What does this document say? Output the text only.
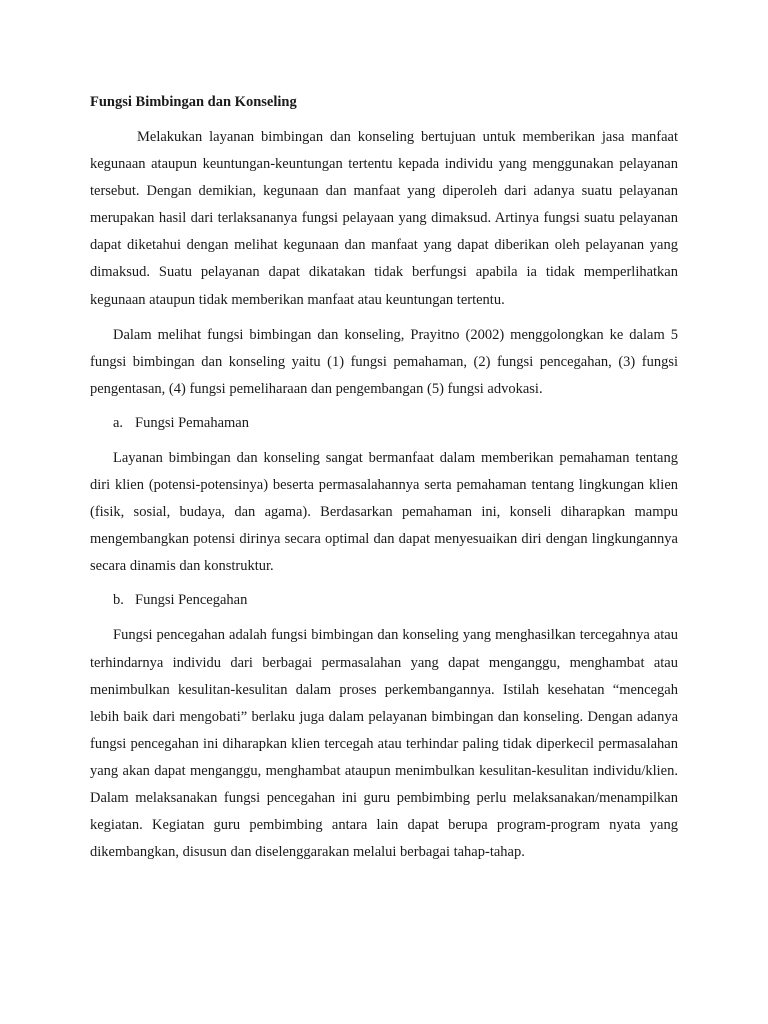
Fungsi Bimbingan dan Konseling

Melakukan layanan bimbingan dan konseling bertujuan untuk memberikan jasa manfaat kegunaan ataupun keuntungan-keuntungan tertentu kepada individu yang menggunakan pelayanan tersebut. Dengan demikian, kegunaan dan manfaat yang diperoleh dari adanya suatu pelayanan merupakan hasil dari terlaksananya fungsi pelayaan yang dimaksud. Artinya fungsi suatu pelayanan dapat diketahui dengan melihat kegunaan dan manfaat yang dapat diberikan oleh pelayanan yang dimaksud. Suatu pelayanan dapat dikatakan tidak berfungsi apabila ia tidak memperlihatkan kegunaan ataupun tidak memberikan manfaat atau keuntungan tertentu.

Dalam melihat fungsi bimbingan dan konseling, Prayitno (2002) menggolongkan ke dalam 5 fungsi bimbingan dan konseling yaitu (1) fungsi pemahaman, (2) fungsi pencegahan, (3) fungsi pengentasan, (4) fungsi pemeliharaan dan pengembangan (5) fungsi advokasi.

a. Fungsi Pemahaman

Layanan bimbingan dan konseling sangat bermanfaat dalam memberikan pemahaman tentang diri klien (potensi-potensinya) beserta permasalahannya serta pemahaman tentang lingkungan klien (fisik, sosial, budaya, dan agama). Berdasarkan pemahaman ini, konseli diharapkan mampu mengembangkan potensi dirinya secara optimal dan dapat menyesuaikan diri dengan lingkungannya secara dinamis dan konstruktur.

b. Fungsi Pencegahan

Fungsi pencegahan adalah fungsi bimbingan dan konseling yang menghasilkan tercegahnya atau terhindarnya individu dari berbagai permasalahan yang dapat menganggu, menghambat atau menimbulkan kesulitan-kesulitan dalam proses perkembangannya. Istilah kesehatan “mencegah lebih baik dari mengobati” berlaku juga dalam pelayanan bimbingan dan konseling. Dengan adanya fungsi pencegahan ini diharapkan klien tercegah atau terhindar paling tidak diperkecil permasalahan yang akan dapat menganggu, menghambat ataupun menimbulkan kesulitan-kesulitan individu/klien. Dalam melaksanakan fungsi pencegahan ini guru pembimbing perlu melaksanakan/menampilkan kegiatan. Kegiatan guru pembimbing antara lain dapat berupa program-program nyata yang dikembangkan, disusun dan diselenggarakan melalui berbagai tahap-tahap.
